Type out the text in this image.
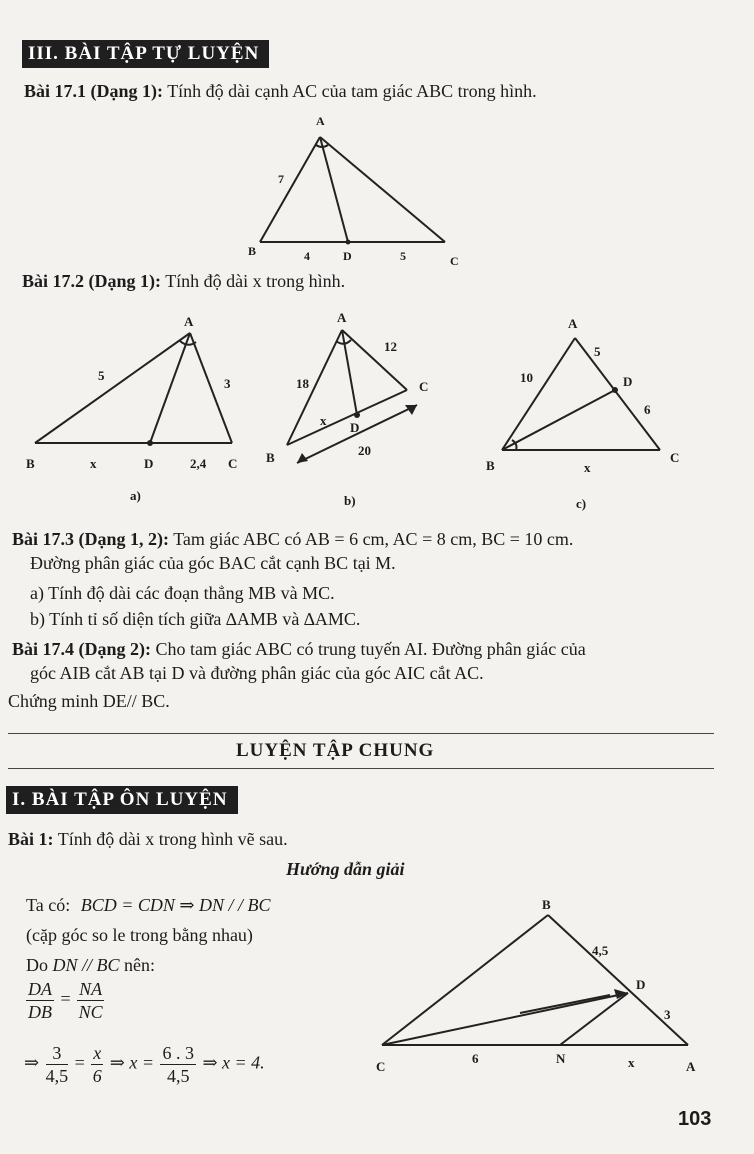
III. BÀI TẬP TỰ LUYỆN
Bài 17.1 (Dạng 1): Tính độ dài cạnh AC của tam giác ABC trong hình.
A
B
C
D
7
4	5
Bài 17.2 (Dạng 1): Tính độ dài x trong hình.
A
B	C
D
5
3
x	2,4
a)
A
B
C
D
18
12
x
20
b)
A
B
C
D
10
5
6
x
c)
Bài 17.3 (Dạng 1, 2): Tam giác ABC có AB = 6 cm, AC = 8 cm, BC = 10 cm.
Đường phân giác của góc BAC cắt cạnh BC tại M.
a) Tính độ dài các đoạn thẳng MB và MC.
b) Tính tỉ số diện tích giữa ∆AMB và ∆AMC.
Bài 17.4 (Dạng 2): Cho tam giác ABC có trung tuyến AI. Đường phân giác của
góc AIB cắt AB tại D và đường phân giác của góc AIC cắt AC.
Chứng minh DE// BC.
LUYỆN TẬP CHUNG
I. BÀI TẬP ÔN LUYỆN
Bài 1: Tính độ dài x trong hình vẽ sau.
Hướng dẫn giải
Ta có: BCD = CDN ⇒ DN / / BC
(cặp góc so le trong bằng nhau)
Do DN // BC nên:
$\frac{DA}{DB} = \frac{NA}{NC}$
⇒ $\frac{3}{4,5} = \frac{x}{6}$ ⇒ $x = \frac{6 . 3}{4,5}$ ⇒ x = 4.
B
C	A
D
N
4,5
3
6	x
103
